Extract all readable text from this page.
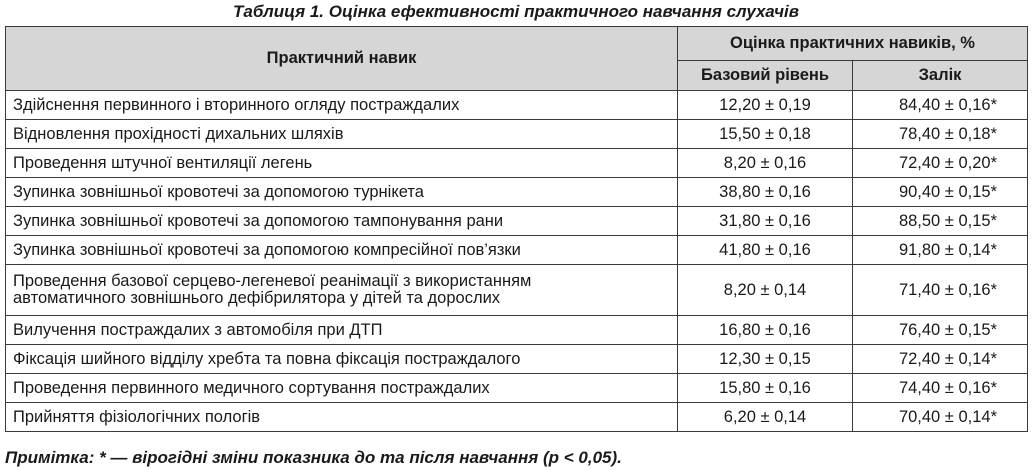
Таблиця 1. Оцінка ефективності практичного навчання слухачів
Практичний навик	Оцінка практичних навиків, %	
	Базовий рівень	Залік
Здійснення первинного і вторинного огляду постраждалих	12,20 ± 0,19	84,40 ± 0,16*
Відновлення прохідності дихальних шляхів	15,50 ± 0,18	78,40 ± 0,18*
Проведення штучної вентиляції легень	8,20 ± 0,16	72,40 ± 0,20*
Зупинка зовнішньої кровотечі за допомогою турнікета	38,80 ± 0,16	90,40 ± 0,15*
Зупинка зовнішньої кровотечі за допомогою тампонування рани	31,80 ± 0,16	88,50 ± 0,15*
Зупинка зовнішньої кровотечі за допомогою компресійної пов’язки	41,80 ± 0,16	91,80 ± 0,14*

Проведення базової серцево-легеневої реанімації з використанням
автоматичного зовнішнього дефібрилятора у дітей та дорослих	8,20 ± 0,14	71,40 ± 0,16*
Вилучення постраждалих з автомобіля при ДТП	16,80 ± 0,16	76,40 ± 0,15*
Фіксація шийного відділу хребта та повна фіксація постраждалого	12,30 ± 0,15	72,40 ± 0,14*
Проведення первинного медичного сортування постраждалих	15,80 ± 0,16	74,40 ± 0,16*
Прийняття фізіологічних пологів	6,20 ± 0,14	70,40 ± 0,14*
Примітка: * — вірогідні зміни показника до та після навчання (p < 0,05).
